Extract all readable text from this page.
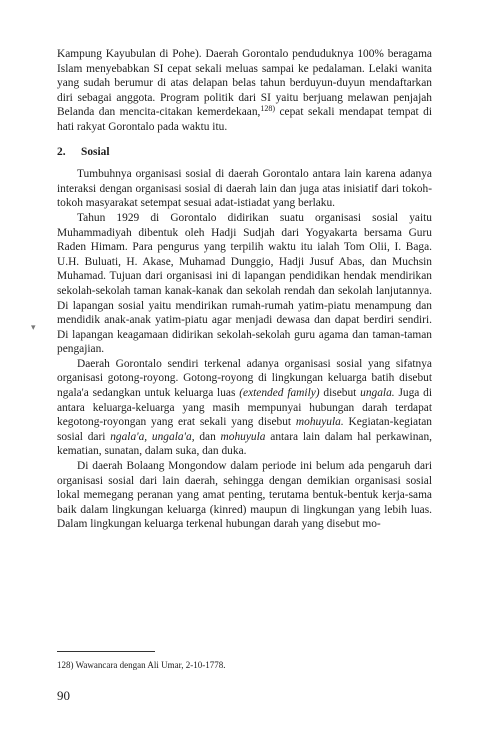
Kampung Kayubulan di Pohe). Daerah Gorontalo penduduknya 100% beragama Islam menyebabkan SI cepat sekali meluas sampai ke pedalaman. Lelaki wanita yang sudah berumur di atas delapan belas tahun berduyun-duyun mendaftarkan diri sebagai anggota. Program politik dari SI yaitu berjuang melawan penjajah Belanda dan mencita-citakan kemerdekaan,$^{128)}$ cepat sekali mendapat tempat di hati rakyat Gorontalo pada waktu itu.

2. Sosial

Tumbuhnya organisasi sosial di daerah Gorontalo antara lain karena adanya interaksi dengan organisasi sosial di daerah lain dan juga atas inisiatif dari tokoh-tokoh masyarakat setempat sesuai adat-istiadat yang berlaku.

Tahun 1929 di Gorontalo didirikan suatu organisasi sosial yaitu Muhammadiyah dibentuk oleh Hadji Sudjah dari Yogyakarta bersama Guru Raden Himam. Para pengurus yang terpilih waktu itu ialah Tom Olii, I. Baga. U.H. Buluati, H. Akase, Muhamad Dunggio, Hadji Jusuf Abas, dan Muchsin Muhamad. Tujuan dari organisasi ini di lapangan pendidikan hendak mendirikan sekolah-sekolah taman kanak-kanak dan sekolah rendah dan sekolah lanjutannya. Di lapangan sosial yaitu mendirikan rumah-rumah yatim-piatu menampung dan mendidik anak-anak yatim-piatu agar menjadi dewasa dan dapat berdiri sendiri. Di lapangan keagamaan didirikan sekolah-sekolah guru agama dan taman-taman pengajian.

Daerah Gorontalo sendiri terkenal adanya organisasi sosial yang sifatnya organisasi gotong-royong. Gotong-royong di lingkungan keluarga batih disebut ngala'a sedangkan untuk keluarga luas (extended family) disebut ungala. Juga di antara keluarga-keluarga yang masih mempunyai hubungan darah terdapat kegotong-royongan yang erat sekali yang disebut mohuyula. Kegiatan-kegiatan sosial dari ngala'a, ungala'a, dan mohuyula antara lain dalam hal perkawinan, kematian, sunatan, dalam suka, dan duka.

Di daerah Bolaang Mongondow dalam periode ini belum ada pengaruh dari organisasi sosial dari lain daerah, sehingga dengan demikian organisasi sosial lokal memegang peranan yang amat penting, terutama bentuk-bentuk kerja-sama baik dalam lingkungan keluarga (kinred) maupun di lingkungan yang lebih luas. Dalam lingkungan keluarga terkenal hubungan darah yang disebut mo-

▾
128) Wawancara dengan Ali Umar, 2-10-1778.
90
